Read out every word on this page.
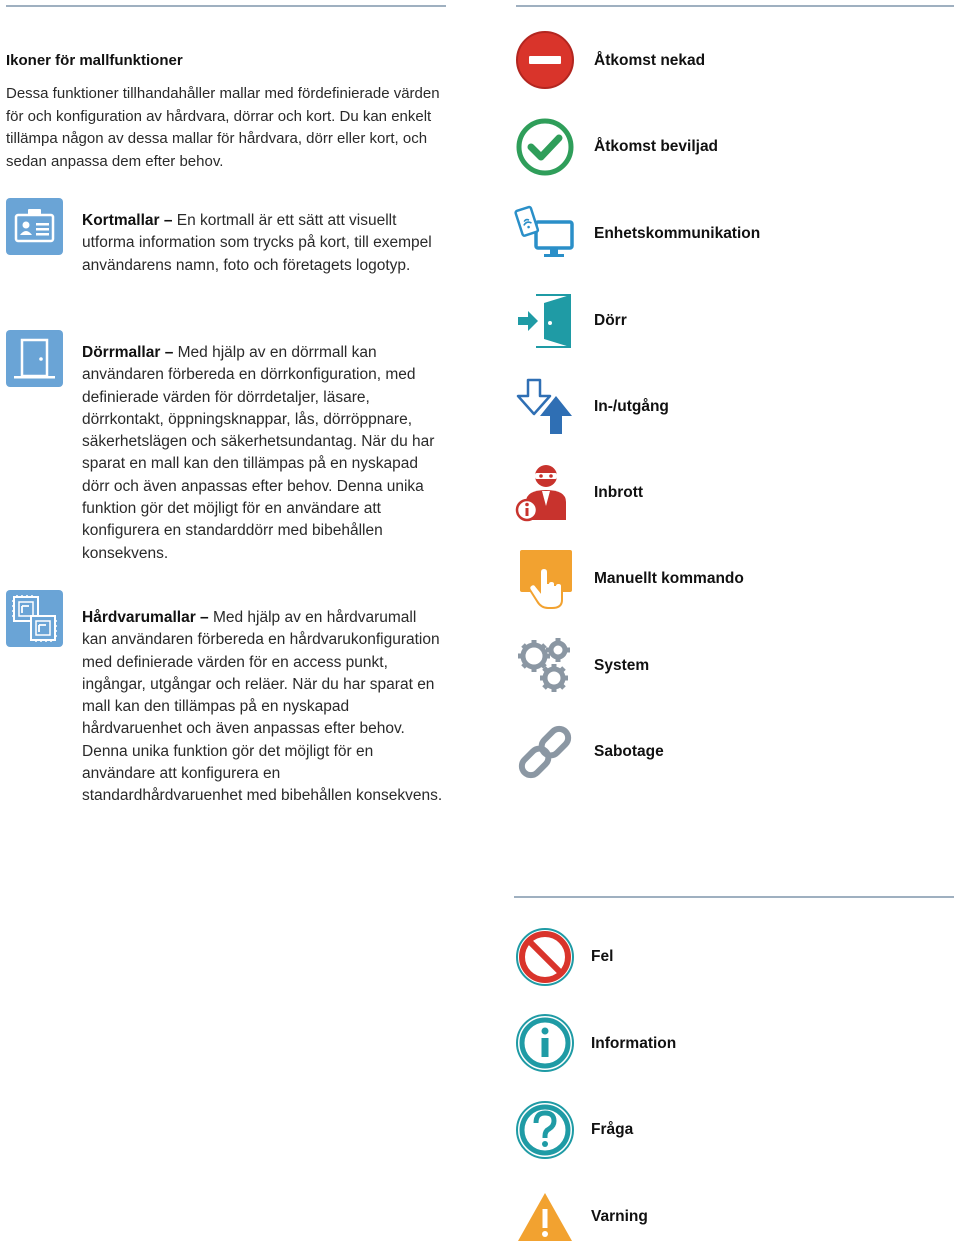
Ikoner för mallfunktioner
Dessa funktioner tillhandahåller mallar med fördefinierade värden för och konfiguration av hårdvara, dörrar och kort. Du kan enkelt tillämpa någon av dessa mallar för hårdvara, dörr eller kort, och sedan anpassa dem efter behov.
Kortmallar – En kortmall är ett sätt att visuellt utforma information som trycks på kort, till exempel användarens namn, foto och företagets logotyp.
Dörrmallar – Med hjälp av en dörrmall kan användaren förbereda en dörrkonfiguration, med definierade värden för dörrdetaljer, läsare, dörrkontakt, öppningsknappar, lås, dörröppnare, säkerhetslägen och säkerhetsundantag. När du har sparat en mall kan den tillämpas på en nyskapad dörr och även anpassas efter behov. Denna unika funktion gör det möjligt för en användare att konfigurera en standarddörr med bibehållen konsekvens.
Hårdvarumallar – Med hjälp av en hårdvarumall kan användaren förbereda en hårdvarukonfiguration med definierade värden för en access punkt, ingångar, utgångar och reläer. När du har sparat en mall kan den tillämpas på en nyskapad hårdvaruenhet och även anpassas efter behov. Denna unika funktion gör det möjligt för en användare att konfigurera en standardhårdvaruenhet med bibehållen konsekvens.
Åtkomst nekad
Åtkomst beviljad
Enhetskommunikation
Dörr
In-/utgång
Inbrott
Manuellt kommando
System
Sabotage
Fel
Information
Fråga
Varning
